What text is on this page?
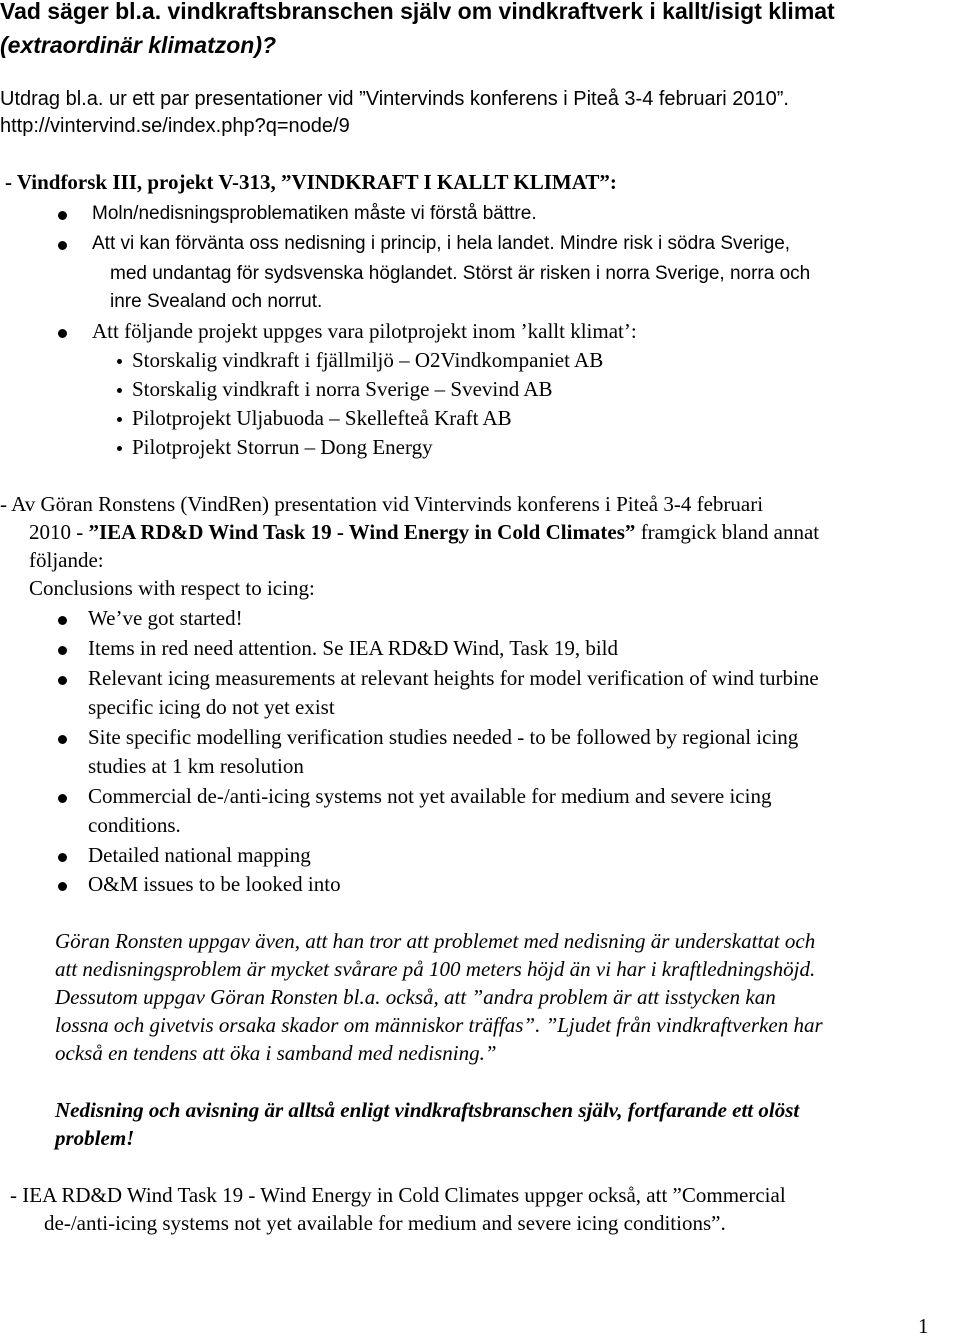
Vad säger bl.a. vindkraftsbranschen själv om vindkraftverk i kallt/isigt klimat
(extraordinär klimatzon)?
Utdrag bl.a. ur ett par presentationer vid ”Vintervinds konferens i Piteå 3-4 februari 2010”.
http://vintervind.se/index.php?q=node/9
- Vindforsk III, projekt V-313, ”VINDKRAFT I KALLT KLIMAT”:
Moln/nedisningsproblematiken måste vi förstå bättre.
Att vi kan förvänta oss nedisning i princip, i hela landet. Mindre risk i södra Sverige,
med undantag för sydsvenska höglandet. Störst är risken i norra Sverige, norra och
inre Svealand och norrut.
Att följande projekt uppges vara pilotprojekt inom ’kallt klimat’:
Storskalig vindkraft i fjällmiljö – O2Vindkompaniet AB
Storskalig vindkraft i norra Sverige – Svevind AB
Pilotprojekt Uljabuoda – Skellefteå Kraft AB
Pilotprojekt Storrun – Dong Energy
- Av Göran Ronstens (VindRen) presentation vid Vintervinds konferens i Piteå 3-4 februari
2010 - ”IEA RD&D Wind Task 19 - Wind Energy in Cold Climates” framgick bland annat
följande:
Conclusions with respect to icing:
We’ve got started!
Items in red need attention. Se IEA RD&D Wind, Task 19, bild
Relevant icing measurements at relevant heights for model verification of wind turbine
specific icing do not yet exist
Site specific modelling verification studies needed - to be followed by regional icing
studies at 1 km resolution
Commercial de-/anti-icing systems not yet available for medium and severe icing
conditions.
Detailed national mapping
O&M issues to be looked into
Göran Ronsten uppgav även, att han tror att problemet med nedisning är underskattat och
att nedisningsproblem är mycket svårare på 100 meters höjd än vi har i kraftledningshöjd.
Dessutom uppgav Göran Ronsten bl.a. också, att ”andra problem är att isstycken kan
lossna och givetvis orsaka skador om människor träffas”. ”Ljudet från vindkraftverken har
också en tendens att öka i samband med nedisning.”
Nedisning och avisning är alltså enligt vindkraftsbranschen själv, fortfarande ett olöst
problem!
- IEA RD&D Wind Task 19 - Wind Energy in Cold Climates uppger också, att ”Commercial
de-/anti-icing systems not yet available for medium and severe icing conditions”.
1
